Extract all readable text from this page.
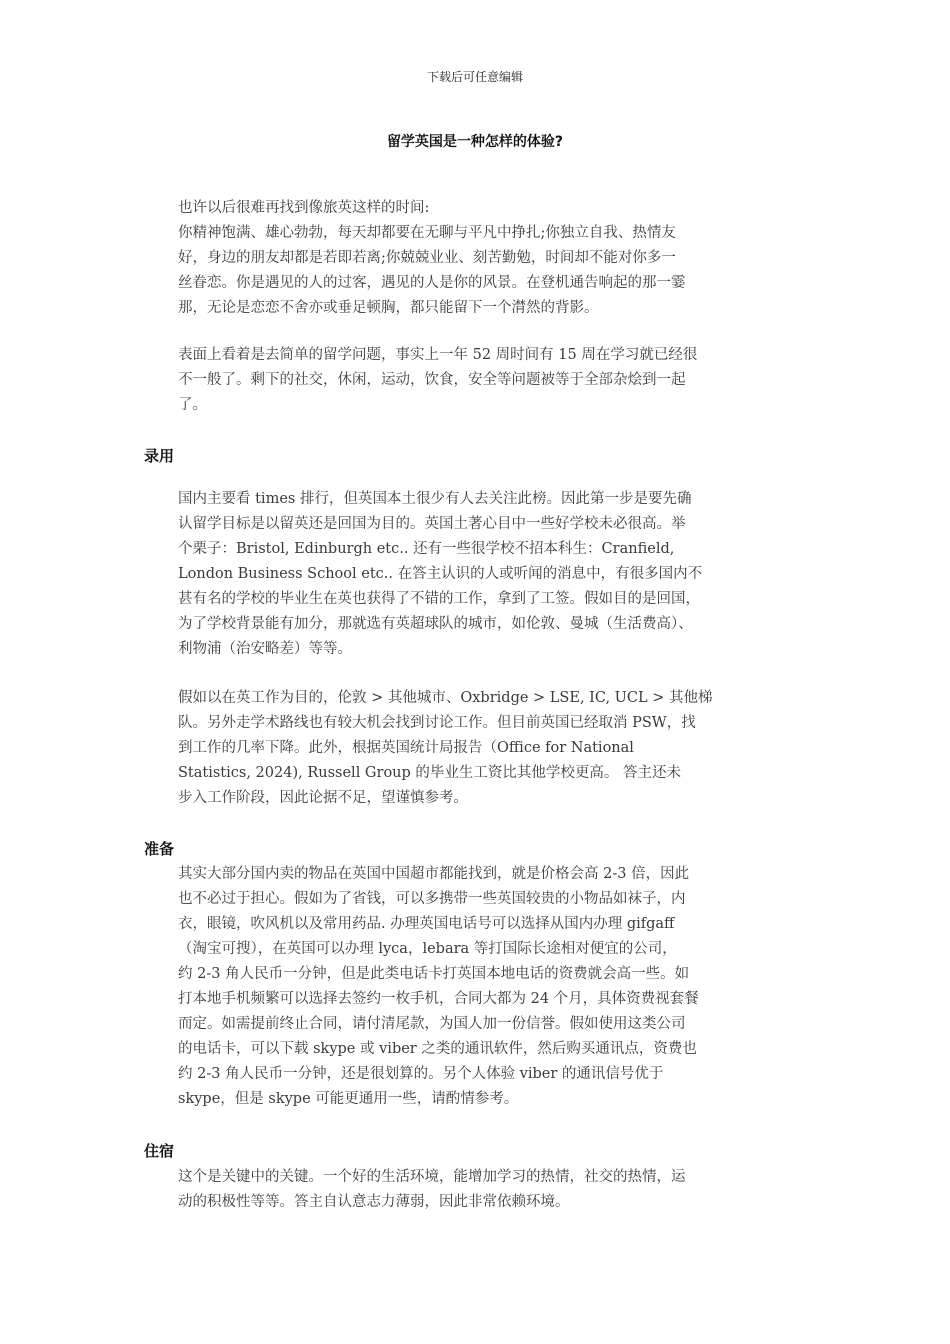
下载后可任意编辑
留学英国是一种怎样的体验?
也许以后很难再找到像旅英这样的时间:
你精神饱满、雄心勃勃，每天却都要在无聊与平凡中挣扎;你独立自我、热情友
好，身边的朋友却都是若即若离;你兢兢业业、刻苦勤勉，时间却不能对你多一
丝眷恋。你是遇见的人的过客，遇见的人是你的风景。在登机通告响起的那一霎
那，无论是恋恋不舍亦或垂足顿胸，都只能留下一个潸然的背影。
表面上看着是去简单的留学问题，事实上一年 52 周时间有 15 周在学习就已经很
不一般了。剩下的社交，休闲，运动，饮食，安全等问题被等于全部杂烩到一起
了。
录用
国内主要看 times 排行，但英国本土很少有人去关注此榜。因此第一步是要先确
认留学目标是以留英还是回国为目的。英国土著心目中一些好学校未必很高。举
个栗子：Bristol, Edinburgh etc.. 还有一些很学校不招本科生：Cranfield,
London Business School etc.. 在答主认识的人或听闻的消息中，有很多国内不
甚有名的学校的毕业生在英也获得了不错的工作，拿到了工签。假如目的是回国，
为了学校背景能有加分，那就选有英超球队的城市，如伦敦、曼城（生活费高）、
利物浦（治安略差）等等。
假如以在英工作为目的，伦敦 > 其他城市、Oxbridge > LSE, IC, UCL > 其他梯
队。另外走学术路线也有较大机会找到讨论工作。但目前英国已经取消 PSW，找
到工作的几率下降。此外，根据英国统计局报告（Office for National
Statistics, 2024), Russell Group 的毕业生工资比其他学校更高。 答主还未
步入工作阶段，因此论据不足，望谨慎参考。
准备
其实大部分国内卖的物品在英国中国超市都能找到，就是价格会高 2-3 倍，因此
也不必过于担心。假如为了省钱，可以多携带一些英国较贵的小物品如袜子，内
衣，眼镜，吹风机以及常用药品. 办理英国电话号可以选择从国内办理 gifgaff
（淘宝可搜），在英国可以办理 lyca，lebara 等打国际长途相对便宜的公司，
约 2-3 角人民币一分钟，但是此类电话卡打英国本地电话的资费就会高一些。如
打本地手机频繁可以选择去签约一枚手机，合同大都为 24 个月，具体资费视套餐
而定。如需提前终止合同，请付清尾款，为国人加一份信誉。假如使用这类公司
的电话卡，可以下载 skype 或 viber 之类的通讯软件，然后购买通讯点，资费也
约 2-3 角人民币一分钟，还是很划算的。另个人体验 viber 的通讯信号优于
skype，但是 skype 可能更通用一些，请酌情参考。
住宿
这个是关键中的关键。一个好的生活环境，能增加学习的热情，社交的热情，运
动的积极性等等。答主自认意志力薄弱，因此非常依赖环境。
